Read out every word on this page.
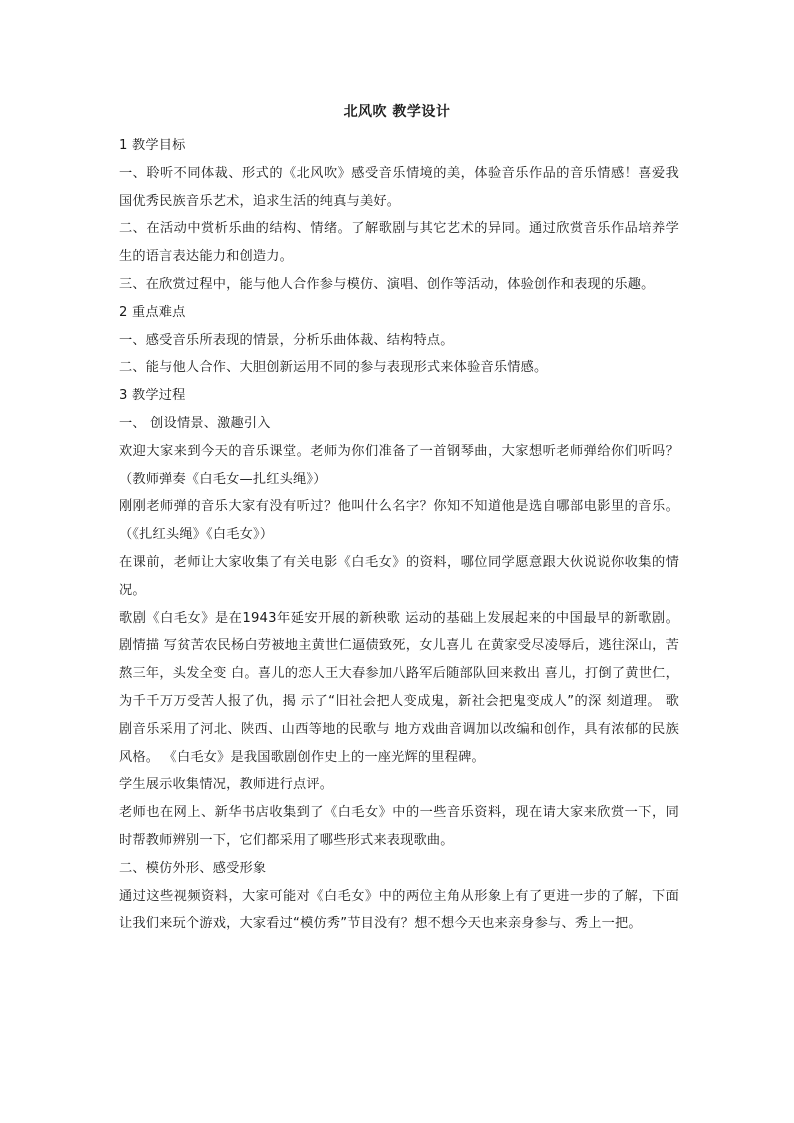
北风吹 教学设计

1 教学目标

一、聆听不同体裁、形式的《北风吹》感受音乐情境的美，体验音乐作品的音乐情感！喜爱我国优秀民族音乐艺术，追求生活的纯真与美好。

二、在活动中赏析乐曲的结构、情绪。了解歌剧与其它艺术的异同。通过欣赏音乐作品培养学生的语言表达能力和创造力。

三、在欣赏过程中，能与他人合作参与模仿、演唱、创作等活动，体验创作和表现的乐趣。

2 重点难点

一、感受音乐所表现的情景，分析乐曲体裁、结构特点。

二、能与他人合作、大胆创新运用不同的参与表现形式来体验音乐情感。

3 教学过程

一、 创设情景、激趣引入

欢迎大家来到今天的音乐课堂。老师为你们准备了一首钢琴曲，大家想听老师弹给你们听吗？（教师弹奏《白毛女—扎红头绳》）

刚刚老师弹的音乐大家有没有听过？他叫什么名字？你知不知道他是选自哪部电影里的音乐。（《扎红头绳》《白毛女》）

在课前，老师让大家收集了有关电影《白毛女》的资料，哪位同学愿意跟大伙说说你收集的情况。

歌剧《白毛女》是在1943年延安开展的新秧歌 运动的基础上发展起来的中国最早的新歌剧。剧情描 写贫苦农民杨白劳被地主黄世仁逼债致死，女儿喜儿 在黄家受尽凌辱后，逃往深山，苦熬三年，头发全变 白。喜儿的恋人王大春参加八路军后随部队回来救出 喜儿，打倒了黄世仁，为千千万万受苦人报了仇，揭 示了“旧社会把人变成鬼，新社会把鬼变成人”的深 刻道理。 歌剧音乐采用了河北、陕西、山西等地的民歌与 地方戏曲音调加以改编和创作，具有浓郁的民族风格。 《白毛女》是我国歌剧创作史上的一座光辉的里程碑。

学生展示收集情况，教师进行点评。

老师也在网上、新华书店收集到了《白毛女》中的一些音乐资料，现在请大家来欣赏一下，同时帮教师辨别一下，它们都采用了哪些形式来表现歌曲。

二、模仿外形、感受形象

通过这些视频资料，大家可能对《白毛女》中的两位主角从形象上有了更进一步的了解，下面让我们来玩个游戏，大家看过“模仿秀”节目没有？想不想今天也来亲身参与、秀上一把。
